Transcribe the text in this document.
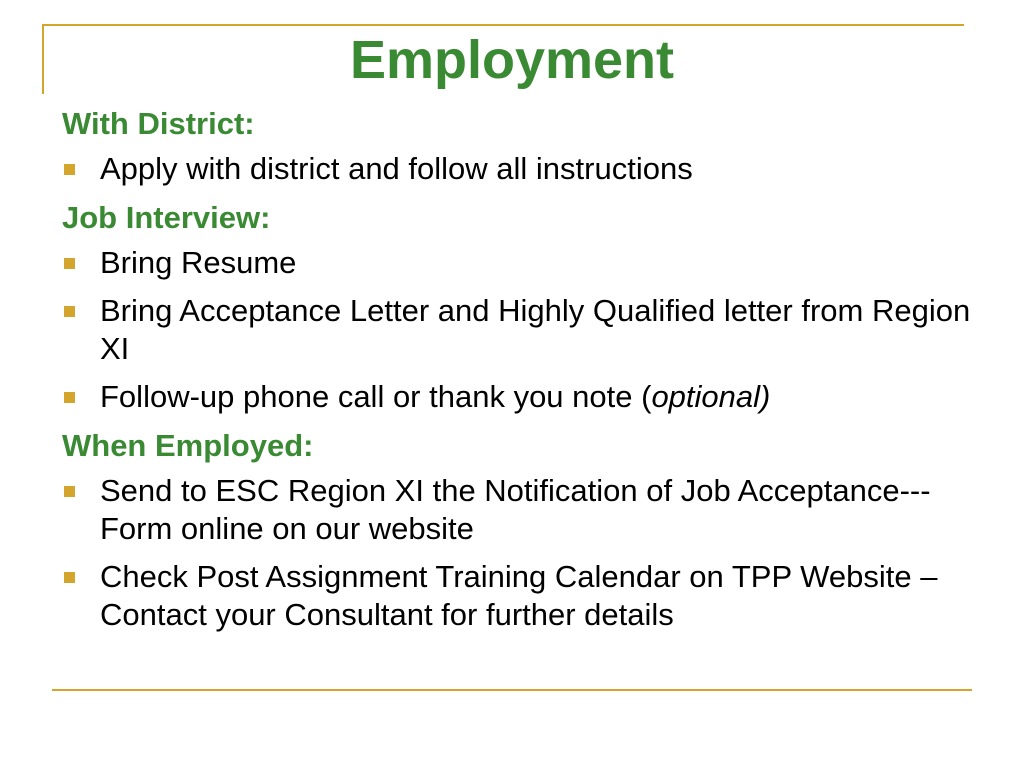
Employment
With District:
Apply with district and follow all instructions
Job Interview:
Bring Resume
Bring Acceptance Letter and Highly Qualified letter from Region XI
Follow-up phone call or thank you note (optional)
When Employed:
Send to ESC Region XI the Notification of Job Acceptance--- Form online on our website
Check Post Assignment Training Calendar on TPP Website – Contact your Consultant for further details
